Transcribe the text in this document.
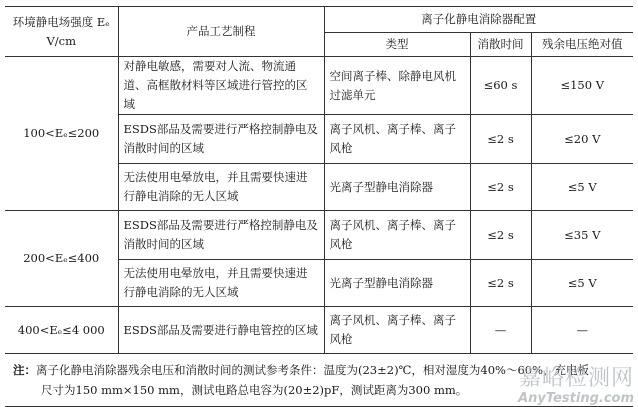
环境静电场强度 Eₑ
V/cm	产品工艺制程	离子化静电消除器配置		
		类型	消散时间	残余电压绝对值
100<Eₑ≤200	对静电敏感，需要对人流、物流通道、高框散材料等区域进行管控的区域	空间离子棒、除静电风机过滤单元	≤60 s	≤150 V
	ESDS部品及需要进行严格控制静电及消散时间的区域	离子风机、离子棒、离子风枪	≤2 s	≤20 V
	无法使用电晕放电，并且需要快速进行静电消除的无人区域	光离子型静电消除器	≤2 s	≤5 V
200<Eₑ≤400	ESDS部品及需要进行严格控制静电及消散时间的区域	离子风机、离子棒、离子风枪	≤2 s	≤35 V
	无法使用电晕放电，并且需要快速进行静电消除的无人区域	光离子型静电消除器	≤2 s	≤5 V
400<Eₑ≤4 000	ESDS部品及需要进行静电管控的区域	离子风机、离子棒、离子风枪	—	—
注：离子化静电消除器残余电压和消散时间的测试参考条件：温度为(23±2)℃，相对湿度为40%～60%，充电板
尺寸为150 mm×150 mm，测试电路总电容为(20±2)pF，测试距离为300 mm。					嘉峪检测网
AnyTesting.com
